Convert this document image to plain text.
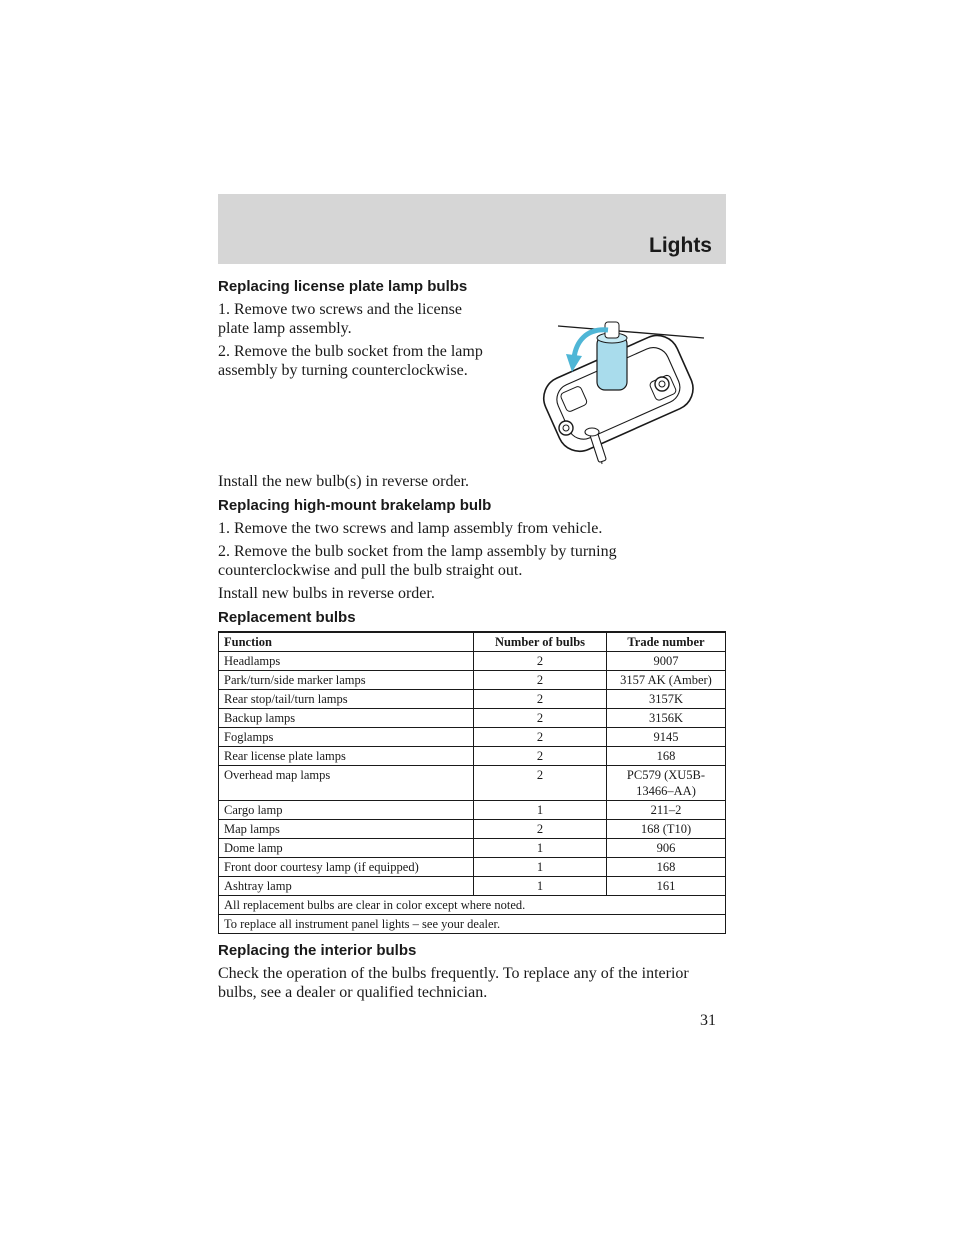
Lights
Replacing license plate lamp bulbs

1. Remove two screws and the license plate lamp assembly.

2. Remove the bulb socket from the lamp assembly by turning counterclockwise.

Install the new bulb(s) in reverse order.

Replacing high-mount brakelamp bulb

1. Remove the two screws and lamp assembly from vehicle.

2. Remove the bulb socket from the lamp assembly by turning counterclockwise and pull the bulb straight out.

Install new bulbs in reverse order.

Replacement bulbs
Function	Number of bulbs	Trade number
Headlamps	2	9007
Park/turn/side marker lamps	2	3157 AK (Amber)
Rear stop/tail/turn lamps	2	3157K
Backup lamps	2	3156K
Foglamps	2	9145
Rear license plate lamps	2	168
Overhead map lamps	2	PC579 (XU5B-13466–AA)
Cargo lamp	1	211–2
Map lamps	2	168 (T10)
Dome lamp	1	906
Front door courtesy lamp (if equipped)	1	168
Ashtray lamp	1	161
All replacement bulbs are clear in color except where noted.		
To replace all instrument panel lights – see your dealer.		
Replacing the interior bulbs

Check the operation of the bulbs frequently. To replace any of the interior bulbs, see a dealer or qualified technician.

31
